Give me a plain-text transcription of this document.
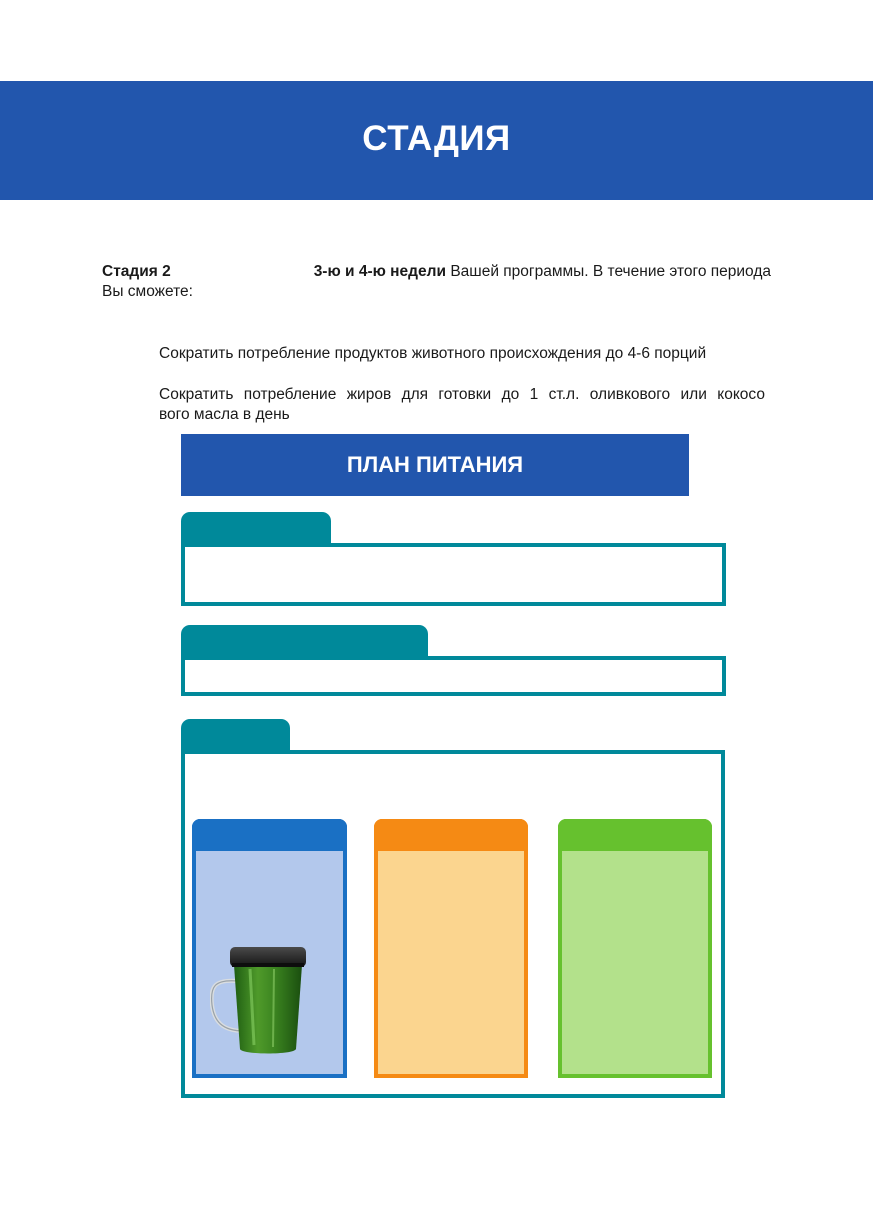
СТАДИЯ
Стадия 2	3-ю и 4-ю недели Вашей программы. В течение этого периода
Вы сможете:
Сократить потребление продуктов животного происхождения до 4-6 порций
Сократить потребление жиров для готовки до 1 ст.л. оливкового или кокосо
вого масла в день
ПЛАН ПИТАНИЯ
